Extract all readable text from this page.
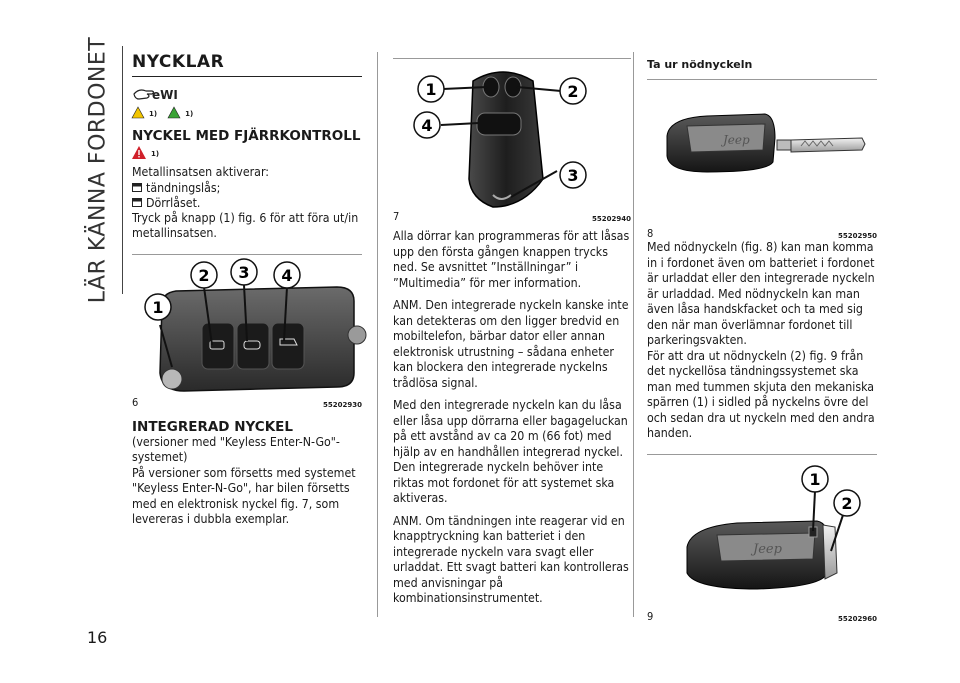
LÄR KÄNNA FORDONET
16
NYCKLAR
eWI
1)	1)
NYCKEL MED FJÄRRKONTROLL
1)

Metallinsatsen aktiverar:

tändningslås;
Dörrlåset.

Tryck på knapp (1) fig. 6 för att föra ut/in metallinsatsen.

1
2 3 4
6	55202930
INTEGRERAD NYCKEL

(versioner med "Keyless Enter-N-Go"-systemet)

På versioner som försetts med systemet "Keyless Enter-N-Go", har bilen försetts med en elektronisk nyckel fig. 7, som levereras i dubbla exemplar.

1	2
3
4
7	55202940

Alla dörrar kan programmeras för att låsas upp den första gången knappen trycks ned. Se avsnittet ”Inställningar” i ”Multimedia” för mer information.

ANM. Den integrerade nyckeln kanske inte kan detekteras om den ligger bredvid en mobiltelefon, bärbar dator eller annan elektronisk utrustning – sådana enheter kan blockera den integrerade nyckelns trådlösa signal.

Med den integrerade nyckeln kan du låsa eller låsa upp dörrarna eller bagageluckan på ett avstånd av ca 20 m (66 fot) med hjälp av en handhållen integrerad nyckel. Den integrerade nyckeln behöver inte riktas mot fordonet för att systemet ska aktiveras.

ANM. Om tändningen inte reagerar vid en knapptryckning kan batteriet i den integrerade nyckeln vara svagt eller urladdat. Ett svagt batteri kan kontrolleras med anvisningar på kombinationsinstrumentet.

Ta ur nödnyckeln
Jeep
8	55202950

Med nödnyckeln (fig. 8) kan man komma in i fordonet även om batteriet i fordonet är urladdat eller den integrerade nyckeln är urladdad. Med nödnyckeln kan man även låsa handskfacket och ta med sig den när man överlämnar fordonet till parkeringsvakten.

För att dra ut nödnyckeln (2) fig. 9 från det nyckellösa tändningssystemet ska man med tummen skjuta den mekaniska spärren (1) i sidled på nyckelns övre del och sedan dra ut nyckeln med den andra handen.

Jeep
1
2
9	55202960
